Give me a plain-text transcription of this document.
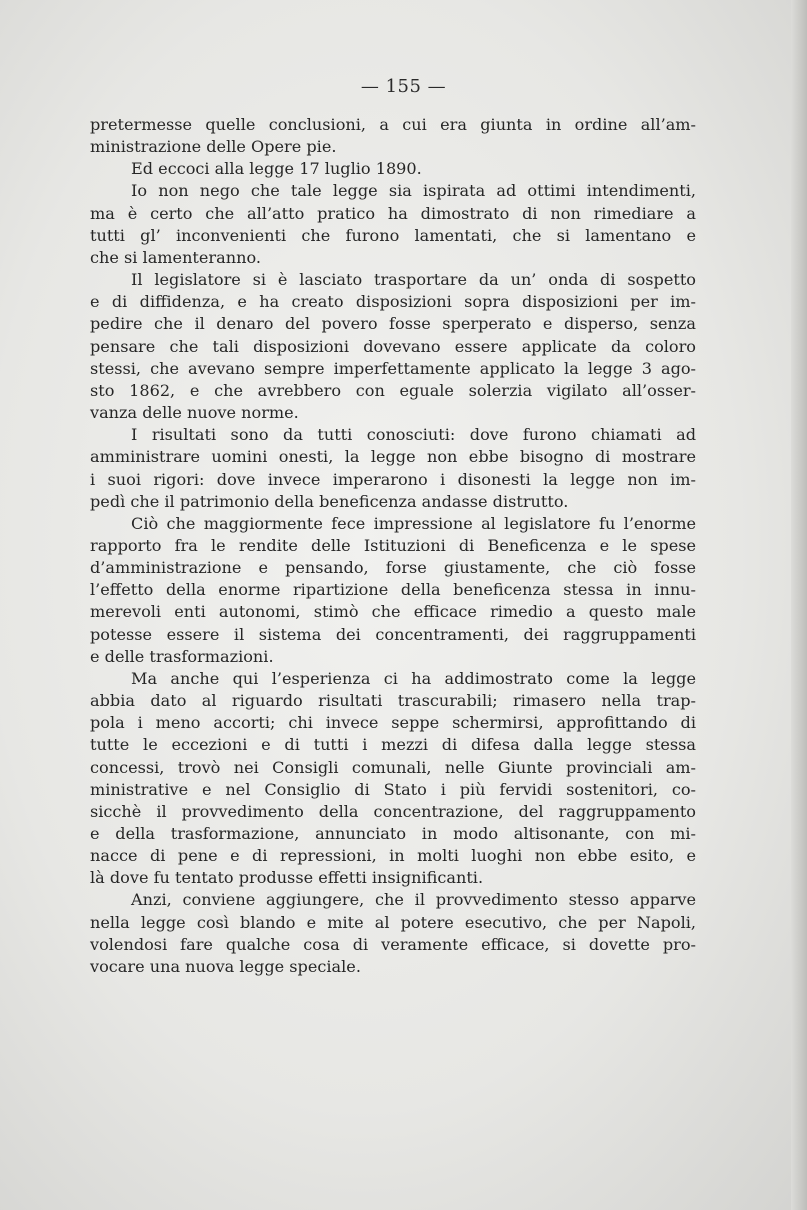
— 155 —

pretermesse quelle conclusioni, a cui era giunta in ordine all’am-
ministrazione delle Opere pie.

Ed eccoci alla legge 17 luglio 1890.

Io non nego che tale legge sia ispirata ad ottimi intendimenti,
ma è certo che all’atto pratico ha dimostrato di non rimediare a
tutti gl’ inconvenienti che furono lamentati, che si lamentano e
che si lamenteranno.

Il legislatore si è lasciato trasportare da un’ onda di sospetto
e di diffidenza, e ha creato disposizioni sopra disposizioni per im-
pedire che il denaro del povero fosse sperperato e disperso, senza
pensare che tali disposizioni dovevano essere applicate da coloro
stessi, che avevano sempre imperfettamente applicato la legge 3 ago-
sto 1862, e che avrebbero con eguale solerzia vigilato all’osser-
vanza delle nuove norme.

I risultati sono da tutti conosciuti: dove furono chiamati ad
amministrare uomini onesti, la legge non ebbe bisogno di mostrare
i suoi rigori: dove invece imperarono i disonesti la legge non im-
pedì che il patrimonio della beneficenza andasse distrutto.

Ciò che maggiormente fece impressione al legislatore fu l’enorme
rapporto fra le rendite delle Istituzioni di Beneficenza e le spese
d’amministrazione e pensando, forse giustamente, che ciò fosse
l’effetto della enorme ripartizione della beneficenza stessa in innu-
merevoli enti autonomi, stimò che efficace rimedio a questo male
potesse essere il sistema dei concentramenti, dei raggruppamenti
e delle trasformazioni.

Ma anche qui l’esperienza ci ha addimostrato come la legge
abbia dato al riguardo risultati trascurabili; rimasero nella trap-
pola i meno accorti; chi invece seppe schermirsi, approfittando di
tutte le eccezioni e di tutti i mezzi di difesa dalla legge stessa
concessi, trovò nei Consigli comunali, nelle Giunte provinciali am-
ministrative e nel Consiglio di Stato i più fervidi sostenitori, co-
sicchè il provvedimento della concentrazione, del raggruppamento
e della trasformazione, annunciato in modo altisonante, con mi-
nacce di pene e di repressioni, in molti luoghi non ebbe esito, e
là dove fu tentato produsse effetti insignificanti.

Anzi, conviene aggiungere, che il provvedimento stesso apparve
nella legge così blando e mite al potere esecutivo, che per Napoli,
volendosi fare qualche cosa di veramente efficace, si dovette pro-
vocare una nuova legge speciale.
